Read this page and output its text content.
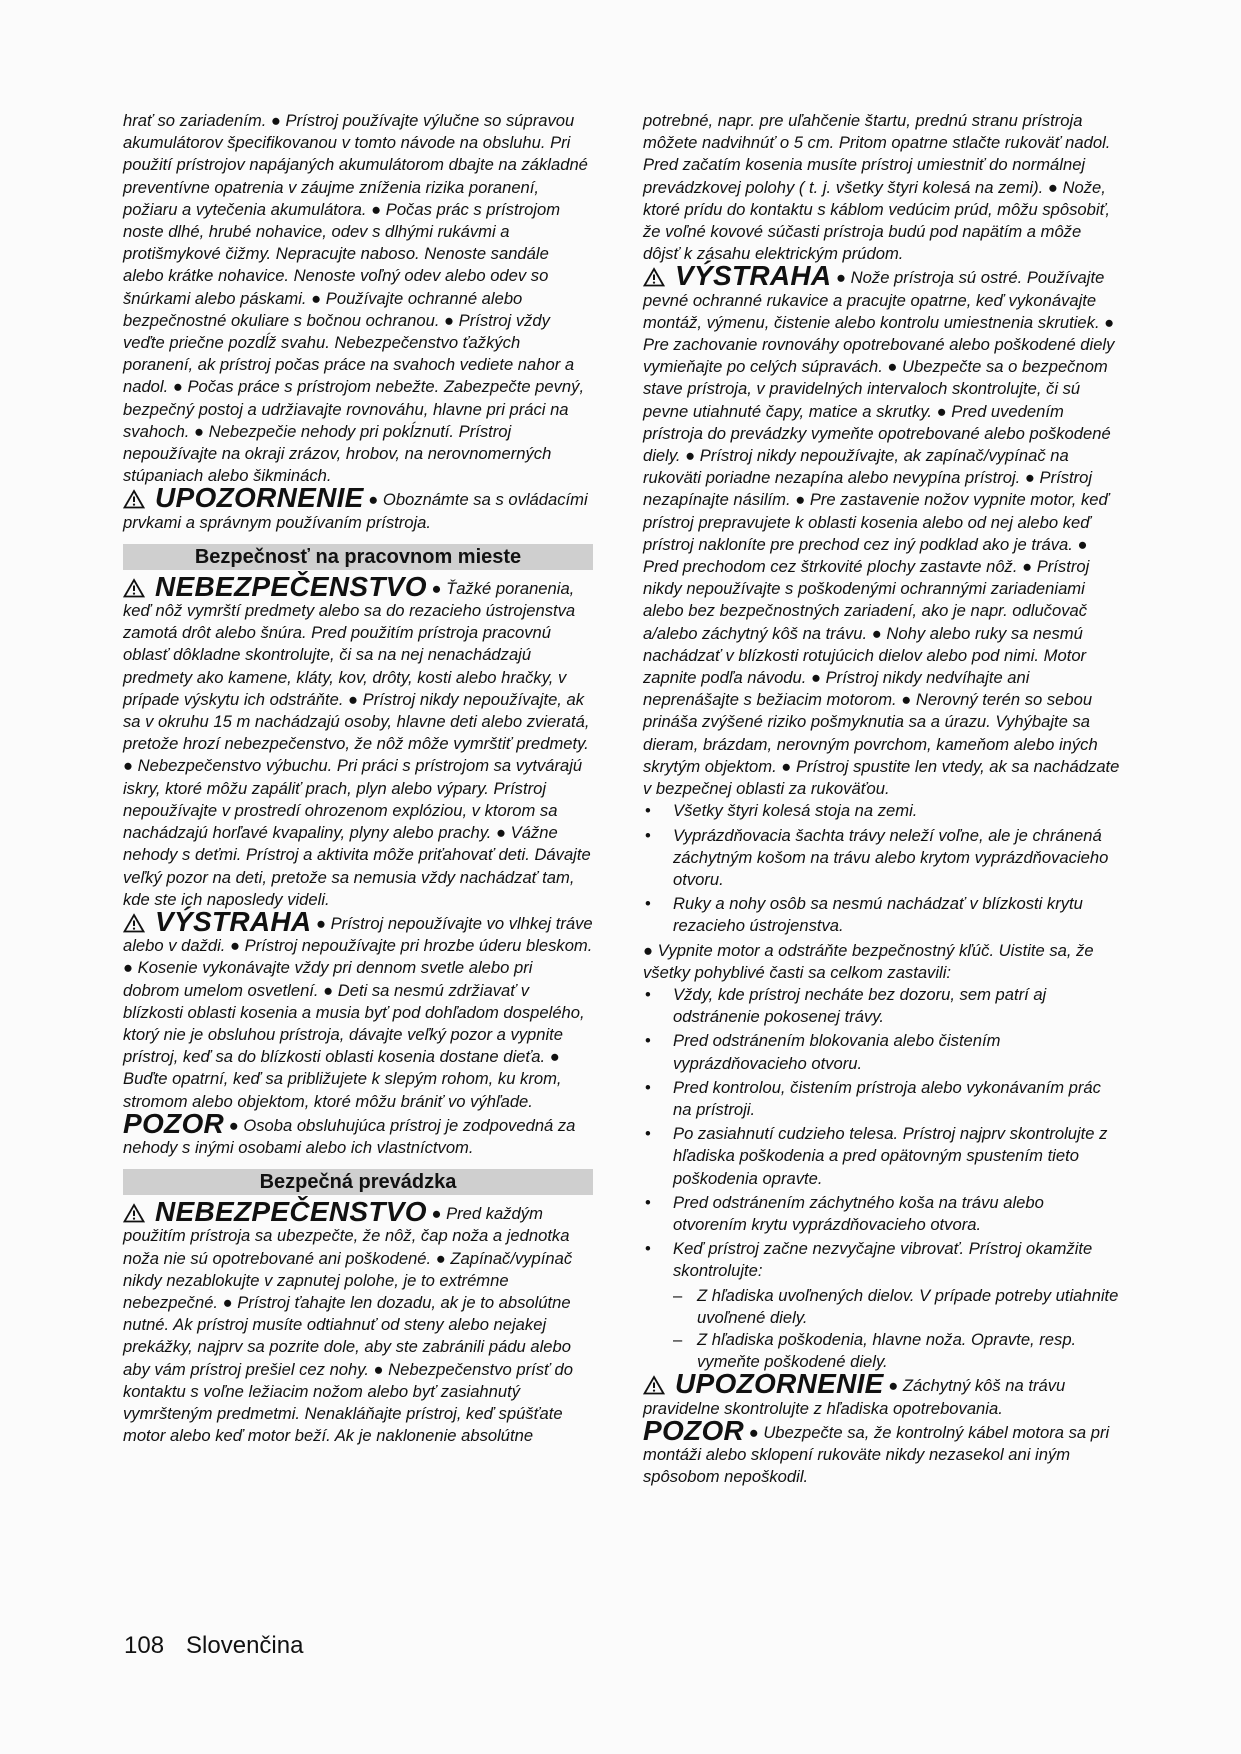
hrať so zariadením. ● Prístroj používajte výlučne so súpravou akumulátorov špecifikovanou v tomto návode na obsluhu. Pri použití prístrojov napájaných akumulátorom dbajte na základné preventívne opatrenia v záujme zníženia rizika poranení, požiaru a vytečenia akumulátora. ● Počas prác s prístrojom noste dlhé, hrubé nohavice, odev s dlhými rukávmi a protišmykové čižmy. Nepracujte naboso. Nenoste sandále alebo krátke nohavice. Nenoste voľný odev alebo odev so šnúrkami alebo páskami. ● Používajte ochranné alebo bezpečnostné okuliare s bočnou ochranou. ● Prístroj vždy veďte priečne pozdĺž svahu. Nebezpečenstvo ťažkých poranení, ak prístroj počas práce na svahoch vediete nahor a nadol. ● Počas práce s prístrojom nebežte. Zabezpečte pevný, bezpečný postoj a udržiavajte rovnováhu, hlavne pri práci na svahoch. ● Nebezpečie nehody pri pokĺznutí. Prístroj nepoužívajte na okraji zrázov, hrobov, na nerovnomerných stúpaniach alebo šikminách.

UPOZORNENIE ● Oboznámte sa s ovládacími prvkami a správnym používaním prístroja.

Bezpečnosť na pracovnom mieste

NEBEZPEČENSTVO ● Ťažké poranenia, keď nôž vymrští predmety alebo sa do rezacieho ústrojenstva zamotá drôt alebo šnúra. Pred použitím prístroja pracovnú oblasť dôkladne skontrolujte, či sa na nej nenachádzajú predmety ako kamene, kláty, kov, drôty, kosti alebo hračky, v prípade výskytu ich odstráňte. ● Prístroj nikdy nepoužívajte, ak sa v okruhu 15 m nachádzajú osoby, hlavne deti alebo zvieratá, pretože hrozí nebezpečenstvo, že nôž môže vymrštiť predmety. ● Nebezpečenstvo výbuchu. Pri práci s prístrojom sa vytvárajú iskry, ktoré môžu zapáliť prach, plyn alebo výpary. Prístroj nepoužívajte v prostredí ohrozenom explóziou, v ktorom sa nachádzajú horľavé kvapaliny, plyny alebo prachy. ● Vážne nehody s deťmi. Prístroj a aktivita môže priťahovať deti. Dávajte veľký pozor na deti, pretože sa nemusia vždy nachádzať tam, kde ste ich naposledy videli.

VÝSTRAHA ● Prístroj nepoužívajte vo vlhkej tráve alebo v daždi. ● Prístroj nepoužívajte pri hrozbe úderu bleskom. ● Kosenie vykonávajte vždy pri dennom svetle alebo pri dobrom umelom osvetlení. ● Deti sa nesmú zdržiavať v blízkosti oblasti kosenia a musia byť pod dohľadom dospelého, ktorý nie je obsluhou prístroja, dávajte veľký pozor a vypnite prístroj, keď sa do blízkosti oblasti kosenia dostane dieťa. ● Buďte opatrní, keď sa približujete k slepým rohom, ku krom, stromom alebo objektom, ktoré môžu brániť vo výhľade.

POZOR ● Osoba obsluhujúca prístroj je zodpovedná za nehody s inými osobami alebo ich vlastníctvom.

Bezpečná prevádzka

NEBEZPEČENSTVO ● Pred každým použitím prístroja sa ubezpečte, že nôž, čap noža a jednotka noža nie sú opotrebované ani poškodené. ● Zapínač/vypínač nikdy nezablokujte v zapnutej polohe, je to extrémne nebezpečné. ● Prístroj ťahajte len dozadu, ak je to absolútne nutné. Ak prístroj musíte odtiahnuť od steny alebo nejakej prekážky, najprv sa pozrite dole, aby ste zabránili pádu alebo aby vám prístroj prešiel cez nohy. ● Nebezpečenstvo prísť do kontaktu s voľne ležiacim nožom alebo byť zasiahnutý vymršteným predmetmi. Nenakláňajte prístroj, keď spúšťate motor alebo keď motor beží. Ak je naklonenie absolútne

potrebné, napr. pre uľahčenie štartu, prednú stranu prístroja môžete nadvihnúť o 5 cm. Pritom opatrne stlačte rukoväť nadol. Pred začatím kosenia musíte prístroj umiestniť do normálnej prevádzkovej polohy ( t. j. všetky štyri kolesá na zemi). ● Nože, ktoré prídu do kontaktu s káblom vedúcim prúd, môžu spôsobiť, že voľné kovové súčasti prístroja budú pod napätím a môže dôjsť k zásahu elektrickým prúdom.

VÝSTRAHA ● Nože prístroja sú ostré. Používajte pevné ochranné rukavice a pracujte opatrne, keď vykonávajte montáž, výmenu, čistenie alebo kontrolu umiestnenia skrutiek. ● Pre zachovanie rovnováhy opotrebované alebo poškodené diely vymieňajte po celých súpravách. ● Ubezpečte sa o bezpečnom stave prístroja, v pravidelných intervaloch skontrolujte, či sú pevne utiahnuté čapy, matice a skrutky. ● Pred uvedením prístroja do prevádzky vymeňte opotrebované alebo poškodené diely. ● Prístroj nikdy nepoužívajte, ak zapínač/vypínač na rukoväti poriadne nezapína alebo nevypína prístroj. ● Prístroj nezapínajte násilím. ● Pre zastavenie nožov vypnite motor, keď prístroj prepravujete k oblasti kosenia alebo od nej alebo keď prístroj nakloníte pre prechod cez iný podklad ako je tráva. ● Pred prechodom cez štrkovité plochy zastavte nôž. ● Prístroj nikdy nepoužívajte s poškodenými ochrannými zariadeniami alebo bez bezpečnostných zariadení, ako je napr. odlučovač a/alebo záchytný kôš na trávu. ● Nohy alebo ruky sa nesmú nachádzať v blízkosti rotujúcich dielov alebo pod nimi. Motor zapnite podľa návodu. ● Prístroj nikdy nedvíhajte ani neprenášajte s bežiacim motorom. ● Nerovný terén so sebou prináša zvýšené riziko pošmyknutia sa a úrazu. Vyhýbajte sa dieram, brázdam, nerovným povrchom, kameňom alebo iných skrytým objektom. ● Prístroj spustite len vtedy, ak sa nachádzate v bezpečnej oblasti za rukoväťou.

• Všetky štyri kolesá stoja na zemi.
• Vyprázdňovacia šachta trávy neleží voľne, ale je chránená záchytným košom na trávu alebo krytom vyprázdňovacieho otvoru.
• Ruky a nohy osôb sa nesmú nachádzať v blízkosti krytu rezacieho ústrojenstva.

● Vypnite motor a odstráňte bezpečnostný kľúč. Uistite sa, že všetky pohyblivé časti sa celkom zastavili:

• Vždy, kde prístroj necháte bez dozoru, sem patrí aj odstránenie pokosenej trávy.
• Pred odstránením blokovania alebo čistením vyprázdňovacieho otvoru.
• Pred kontrolou, čistením prístroja alebo vykonávaním prác na prístroji.
• Po zasiahnutí cudzieho telesa. Prístroj najprv skontrolujte z hľadiska poškodenia a pred opätovným spustením tieto poškodenia opravte.
• Pred odstránením záchytného koša na trávu alebo otvorením krytu vyprázdňovacieho otvora.
• Keď prístroj začne nezvyčajne vibrovať. Prístroj okamžite skontrolujte:
– Z hľadiska uvoľnených dielov. V prípade potreby utiahnite uvoľnené diely.
– Z hľadiska poškodenia, hlavne noža. Opravte, resp. vymeňte poškodené diely.

UPOZORNENIE ● Záchytný kôš na trávu pravidelne skontrolujte z hľadiska opotrebovania.

POZOR ● Ubezpečte sa, že kontrolný kábel motora sa pri montáži alebo sklopení rukoväte nikdy nezasekol ani iným spôsobom nepoškodil.

108 Slovenčina
